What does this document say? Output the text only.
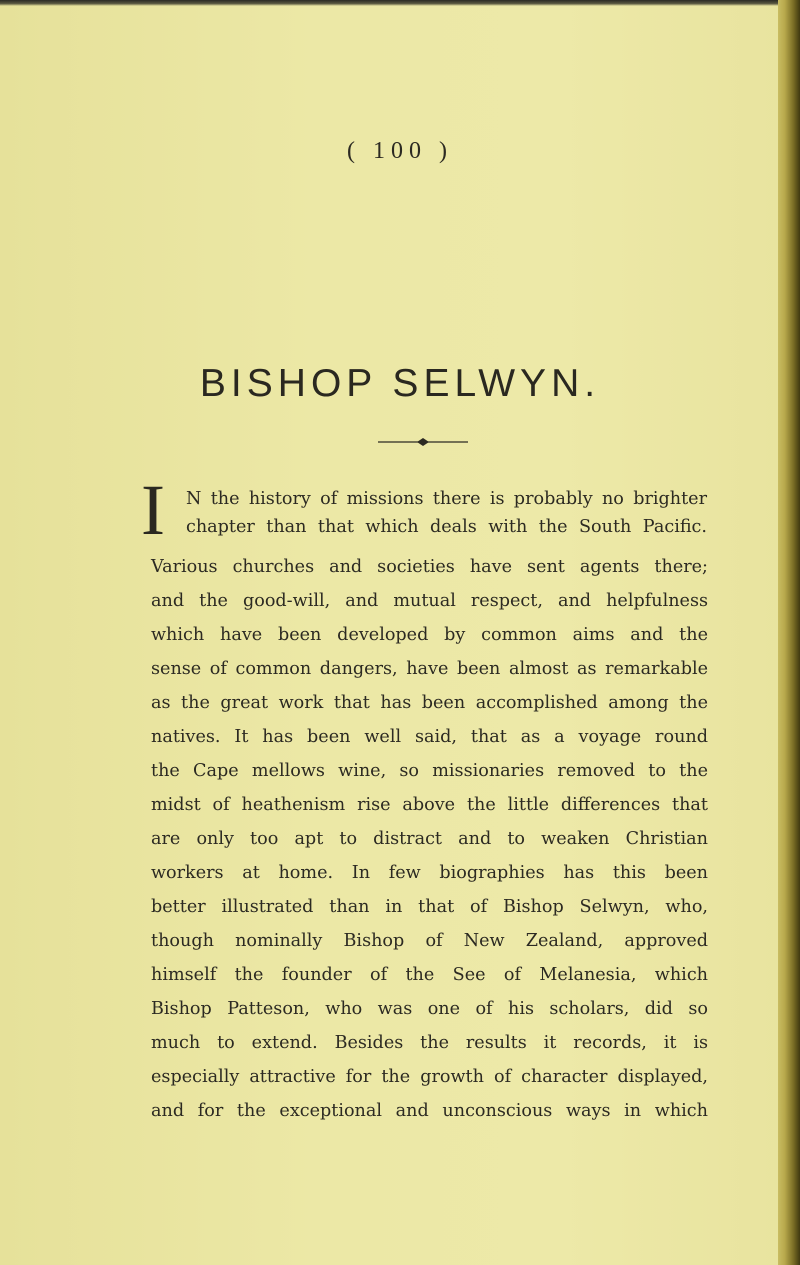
( 100 )
BISHOP SELWYN.
I N the history of missions there is probably no brighter
chapter than that which deals with the South Pacific.
Various churches and societies have sent agents there;
and the good-will, and mutual respect, and helpfulness
which have been developed by common aims and the
sense of common dangers, have been almost as remarkable
as the great work that has been accomplished among the
natives. It has been well said, that as a voyage round
the Cape mellows wine, so missionaries removed to the
midst of heathenism rise above the little differences that
are only too apt to distract and to weaken Christian
workers at home. In few biographies has this been
better illustrated than in that of Bishop Selwyn, who,
though nominally Bishop of New Zealand, approved
himself the founder of the See of Melanesia, which
Bishop Patteson, who was one of his scholars, did so
much to extend. Besides the results it records, it is
especially attractive for the growth of character displayed,
and for the exceptional and unconscious ways in which
